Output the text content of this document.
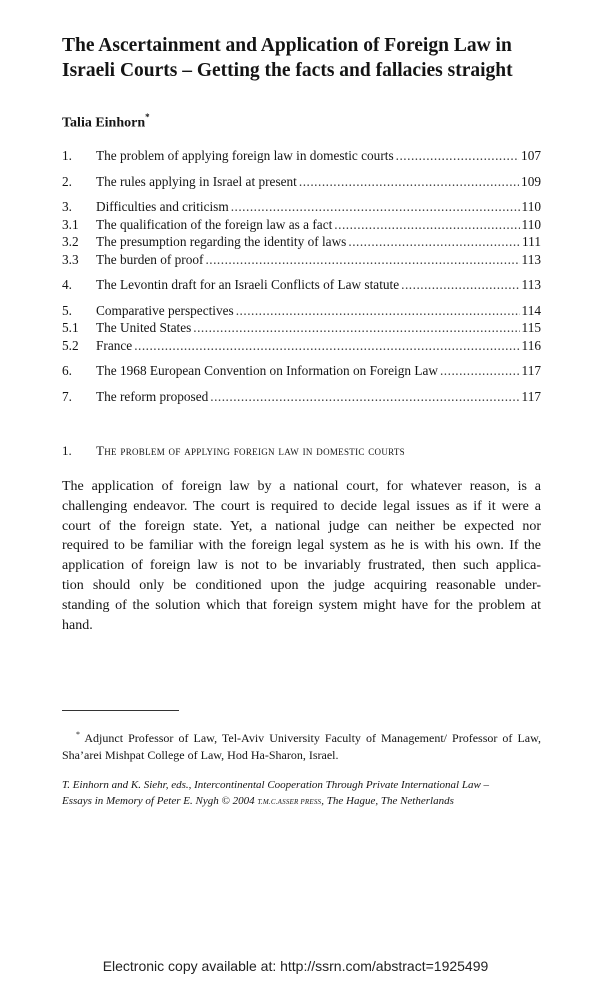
The Ascertainment and Application of Foreign Law in
Israeli Courts – Getting the facts and fallacies straight
Talia Einhorn*
1.	The problem of applying foreign law in domestic courts .....	107
2.	The rules applying in Israel at present .....	109
3.	Difficulties and criticism .....	110
3.1	The qualification of the foreign law as a fact .....	110
3.2	The presumption regarding the identity of laws .....	111
3.3	The burden of proof .....	113
4.	The Levontin draft for an Israeli Conflicts of Law statute .....	113
5.	Comparative perspectives .....	114
5.1	The United States .....	115
5.2	France .....	116
6.	The 1968 European Convention on Information on Foreign Law .....	117
7.	The reform proposed .....	117
1. The problem of applying foreign law in domestic courts

The application of foreign law by a national court, for whatever reason, is a
challenging endeavor. The court is required to decide legal issues as if it were a
court of the foreign state. Yet, a national judge can neither be expected nor
required to be familiar with the foreign legal system as he is with his own. If the
application of foreign law is not to be invariably frustrated, then such applica-
tion should only be conditioned upon the judge acquiring reasonable under-
standing of the solution which that foreign system might have for the problem at
hand.

* Adjunct Professor of Law, Tel-Aviv University Faculty of Management/ Professor of Law,
Sha’arei Mishpat College of Law, Hod Ha-Sharon, Israel.
T. Einhorn and K. Siehr, eds., Intercontinental Cooperation Through Private International Law –
Essays in Memory of Peter E. Nygh © 2004 T.M.C.ASSER PRESS, The Hague, The Netherlands
Electronic copy available at: http://ssrn.com/abstract=1925499
